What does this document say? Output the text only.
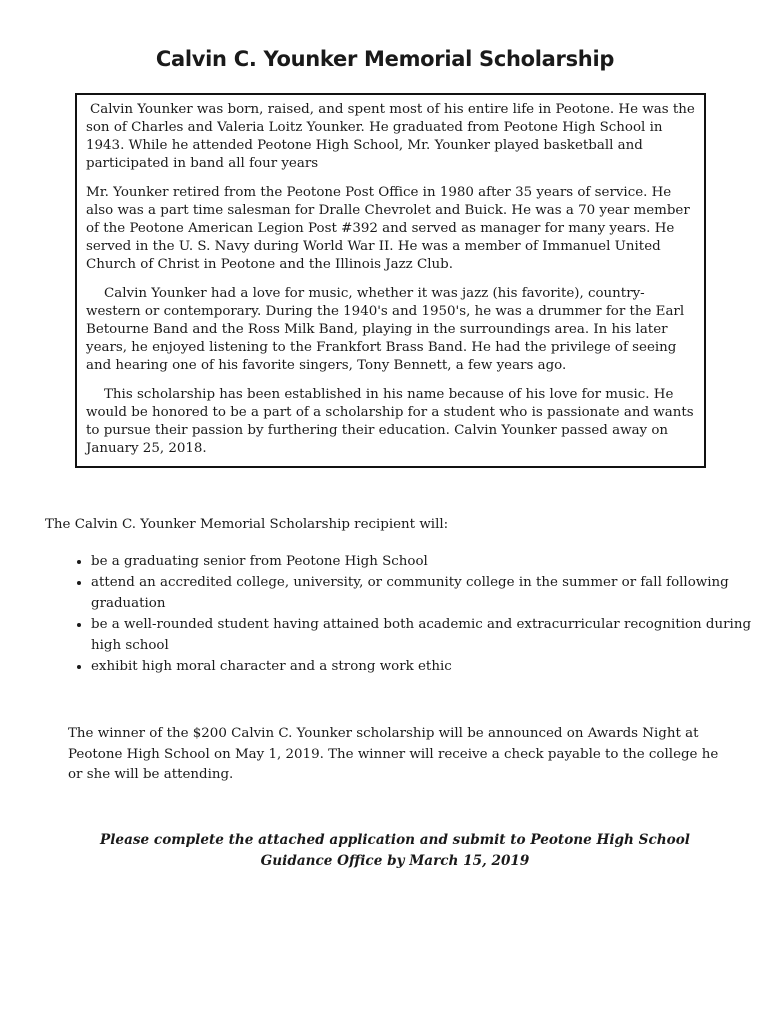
Calvin C. Younker Memorial Scholarship

Calvin Younker was born, raised, and spent most of his entire life in Peotone. He was the son of Charles and Valeria Loitz Younker. He graduated from Peotone High School in 1943. While he attended Peotone High School, Mr. Younker played basketball and participated in band all four years

Mr. Younker retired from the Peotone Post Office in 1980 after 35 years of service. He also was a part time salesman for Dralle Chevrolet and Buick. He was a 70 year member of the Peotone American Legion Post #392 and served as manager for many years. He served in the U. S. Navy during World War II. He was a member of Immanuel United Church of Christ in Peotone and the Illinois Jazz Club.

Calvin Younker had a love for music, whether it was jazz (his favorite), country-western or contemporary. During the 1940's and 1950's, he was a drummer for the Earl Betourne Band and the Ross Milk Band, playing in the surroundings area. In his later years, he enjoyed listening to the Frankfort Brass Band. He had the privilege of seeing and hearing one of his favorite singers, Tony Bennett, a few years ago.

This scholarship has been established in his name because of his love for music. He would be honored to be a part of a scholarship for a student who is passionate and wants to pursue their passion by furthering their education. Calvin Younker passed away on January 25, 2018.

The Calvin C. Younker Memorial Scholarship recipient will:

• be a graduating senior from Peotone High School
• attend an accredited college, university, or community college in the summer or fall following graduation
• be a well-rounded student having attained both academic and extracurricular recognition during high school
• exhibit high moral character and a strong work ethic

The winner of the $200 Calvin C. Younker scholarship will be announced on Awards Night at Peotone High School on May 1, 2019. The winner will receive a check payable to the college he or she will be attending.

Please complete the attached application and submit to Peotone High School Guidance Office by March 15, 2019
